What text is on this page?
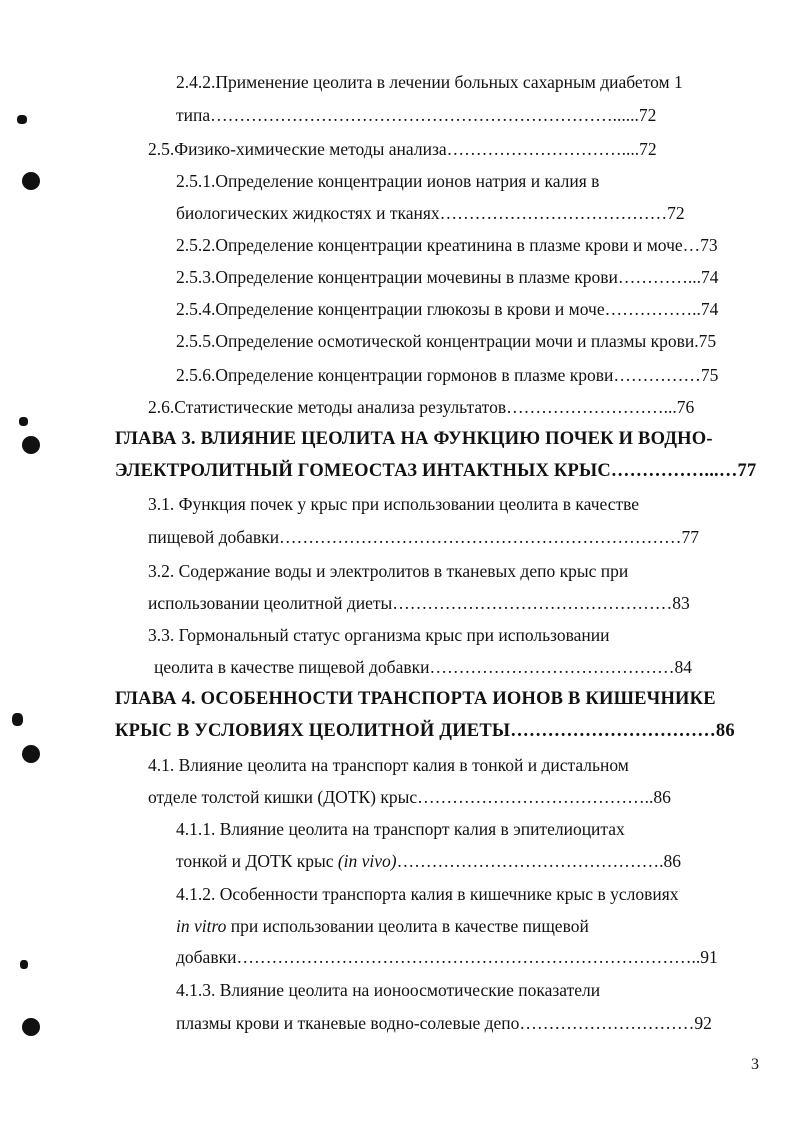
2.4.2.Применение цеолита в лечении больных сахарным диабетом 1
типа……………………………………………………………......72
2.5.Физико-химические методы анализа…………………………....72
2.5.1.Определение концентрации ионов натрия и калия в
биологических жидкостях и тканях…………………………………72
2.5.2.Определение концентрации креатинина в плазме крови и моче…73
2.5.3.Определение концентрации мочевины в плазме крови…………...74
2.5.4.Определение концентрации глюкозы в крови и моче……………..74
2.5.5.Определение осмотической концентрации мочи и плазмы крови.75
2.5.6.Определение концентрации гормонов в плазме крови……………75
2.6.Статистические методы анализа результатов………………………...76
ГЛАВА 3. ВЛИЯНИЕ ЦЕОЛИТА НА ФУНКЦИЮ ПОЧЕК И ВОДНО-
ЭЛЕКТРОЛИТНЫЙ ГОМЕОСТАЗ ИНТАКТНЫХ КРЫС……………...…77
3.1. Функция почек у крыс при использовании цеолита в качестве
пищевой добавки……………………………………………………………77
3.2. Содержание воды и электролитов в тканевых депо крыс при
использовании цеолитной диеты…………………………………………83
3.3. Гормональный статус организма крыс при использовании
цеолита в качестве пищевой добавки……………………………………84
ГЛАВА 4. ОСОБЕННОСТИ ТРАНСПОРТА ИОНОВ В КИШЕЧНИКЕ
КРЫС В УСЛОВИЯХ ЦЕОЛИТНОЙ ДИЕТЫ……………………………86
4.1. Влияние цеолита на транспорт калия в тонкой и дистальном
отделе толстой кишки (ДОТК) крыс…………………………………..86
4.1.1. Влияние цеолита на транспорт калия в эпителиоцитах
тонкой и ДОТК крыс (in vivo)……………………………………….86
4.1.2. Особенности транспорта калия в кишечнике крыс в условиях
in vitro при использовании цеолита в качестве пищевой
добавки……………………………………………………………………..91
4.1.3. Влияние цеолита на ионоосмотические показатели
плазмы крови и тканевые водно-солевые депо…………………………92
3
